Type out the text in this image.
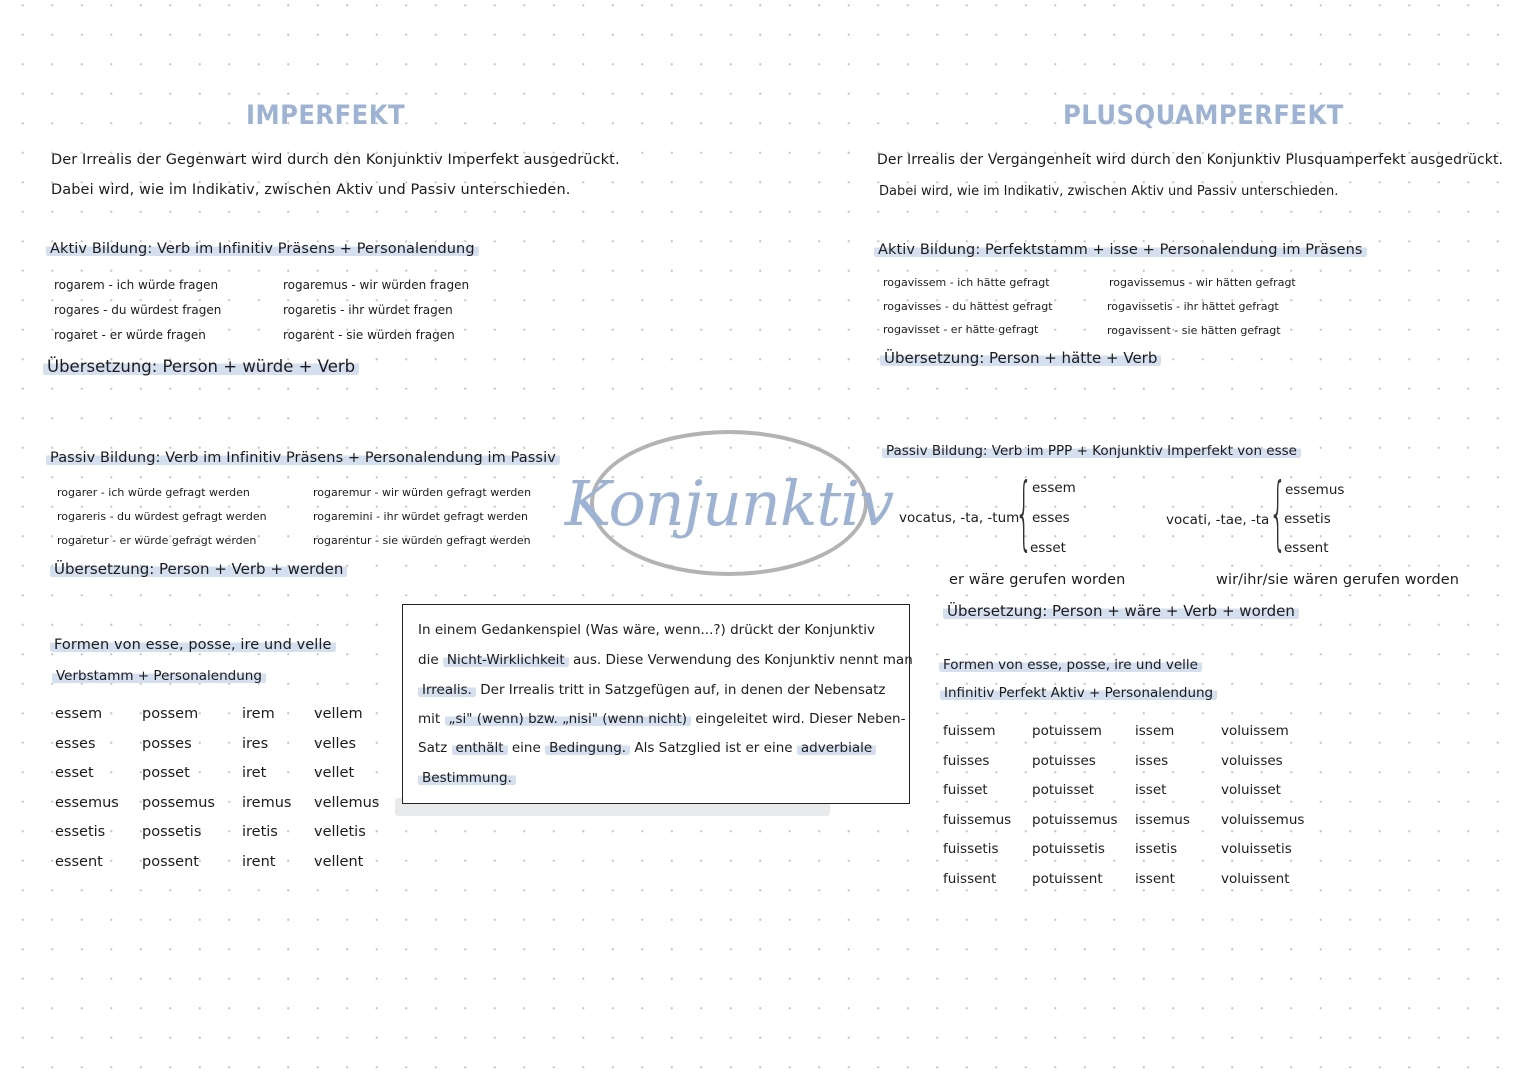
IMPERFEKT
Der Irrealis der Gegenwart wird durch den Konjunktiv Imperfekt ausgedrückt.
Dabei wird, wie im Indikativ, zwischen Aktiv und Passiv unterschieden.
Aktiv Bildung: Verb im Infinitiv Präsens + Personalendung
rogarem - ich würde fragen	rogaremus - wir würden fragen
rogares - du würdest fragen	rogaretis - ihr würdet fragen
rogaret - er würde fragen	rogarent - sie würden fragen
Übersetzung: Person + würde + Verb
Passiv Bildung: Verb im Infinitiv Präsens + Personalendung im Passiv
rogarer - ich würde gefragt werden	rogaremur - wir würden gefragt werden
rogareris - du würdest gefragt werden	rogaremini - ihr würdet gefragt werden
rogaretur - er würde gefragt werden	rogarentur - sie würden gefragt werden
Übersetzung: Person + Verb + werden
Formen von esse, posse, ire und velle
Verbstamm + Personalendung
essem	possem	irem	vellem
esses	posses	ires	velles
esset	posset	iret	vellet
essemus	possemus	iremus	vellemus
essetis	possetis	iretis	velletis
essent	possent	irent	vellent
Konjunktiv
In einem Gedankenspiel (Was wäre, wenn...?) drückt der Konjunktiv
die Nicht-Wirklichkeit aus. Diese Verwendung des Konjunktiv nennt man
Irrealis. Der Irrealis tritt in Satzgefügen auf, in denen der Nebensatz
mit „si" (wenn) bzw. „nisi" (wenn nicht) eingeleitet wird. Dieser Neben-
Satz enthält eine Bedingung. Als Satzglied ist er eine adverbiale
Bestimmung.
PLUSQUAMPERFEKT
Der Irrealis der Vergangenheit wird durch den Konjunktiv Plusquamperfekt ausgedrückt.
Dabei wird, wie im Indikativ, zwischen Aktiv und Passiv unterschieden.
Aktiv Bildung: Perfektstamm + isse + Personalendung im Präsens
rogavissem - ich hätte gefragt	rogavissemus - wir hätten gefragt
rogavisses - du hättest gefragt	rogavissetis - ihr hättet gefragt
rogavisset - er hätte gefragt	rogavissent - sie hätten gefragt
Übersetzung: Person + hätte + Verb
Passiv Bildung: Verb im PPP + Konjunktiv Imperfekt von esse
vocatus, -ta, -tum
{ essem
esses
esset
vocati, -tae, -ta {
essemus
essetis
essent
er wäre gerufen worden	wir/ihr/sie wären gerufen worden
Übersetzung: Person + wäre + Verb + worden
Formen von esse, posse, ire und velle
Infinitiv Perfekt Aktiv + Personalendung
fuissem	potuissem	issem	voluissem
fuisses	potuisses	isses	voluisses
fuisset	potuisset	isset	voluisset
fuissemus	potuissemus	issemus	voluissemus
fuissetis	potuissetis	issetis	voluissetis
fuissent	potuissent	issent	voluissent
